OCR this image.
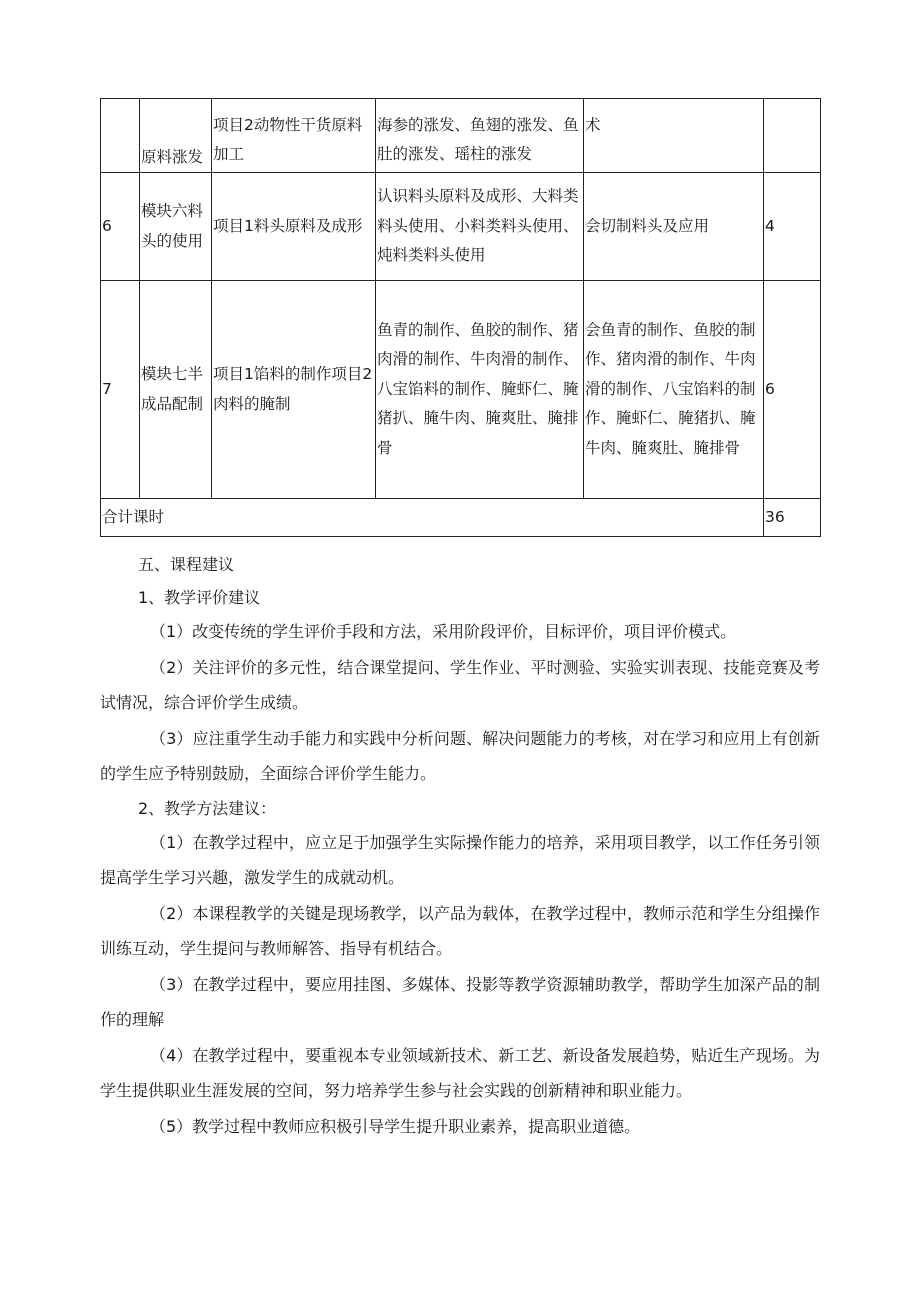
	原料涨发	项目2动物性干货原料加工	海参的涨发、鱼翅的涨发、鱼肚的涨发、瑶柱的涨发	术	

6	模块六料头的使用	项目1料头原料及成形	认识料头原料及成形、大料类料头使用、小料类料头使用、炖料类料头使用	会切制料头及应用	4
7	模块七半成品配制	项目1馅料的制作项目2肉料的腌制	鱼青的制作、鱼胶的制作、猪肉滑的制作、牛肉滑的制作、八宝馅料的制作、腌虾仁、腌猪扒、腌牛肉、腌爽肚、腌排骨	会鱼青的制作、鱼胶的制作、猪肉滑的制作、牛肉滑的制作、八宝馅料的制作、腌虾仁、腌猪扒、腌牛肉、腌爽肚、腌排骨	6
合计课时					36

五、课程建议

1、教学评价建议

（1）改变传统的学生评价手段和方法，采用阶段评价，目标评价，项目评价模式。

（2）关注评价的多元性，结合课堂提问、学生作业、平时测验、实验实训表现、技能竞赛及考试情况，综合评价学生成绩。

（3）应注重学生动手能力和实践中分析问题、解决问题能力的考核，对在学习和应用上有创新的学生应予特别鼓励，全面综合评价学生能力。

2、教学方法建议：

（1）在教学过程中，应立足于加强学生实际操作能力的培养，采用项目教学，以工作任务引领提高学生学习兴趣，激发学生的成就动机。

（2）本课程教学的关键是现场教学，以产品为载体，在教学过程中，教师示范和学生分组操作训练互动，学生提问与教师解答、指导有机结合。

（3）在教学过程中，要应用挂图、多媒体、投影等教学资源辅助教学，帮助学生加深产品的制作的理解

（4）在教学过程中，要重视本专业领域新技术、新工艺、新设备发展趋势，贴近生产现场。为学生提供职业生涯发展的空间，努力培养学生参与社会实践的创新精神和职业能力。

（5）教学过程中教师应积极引导学生提升职业素养，提高职业道德。
